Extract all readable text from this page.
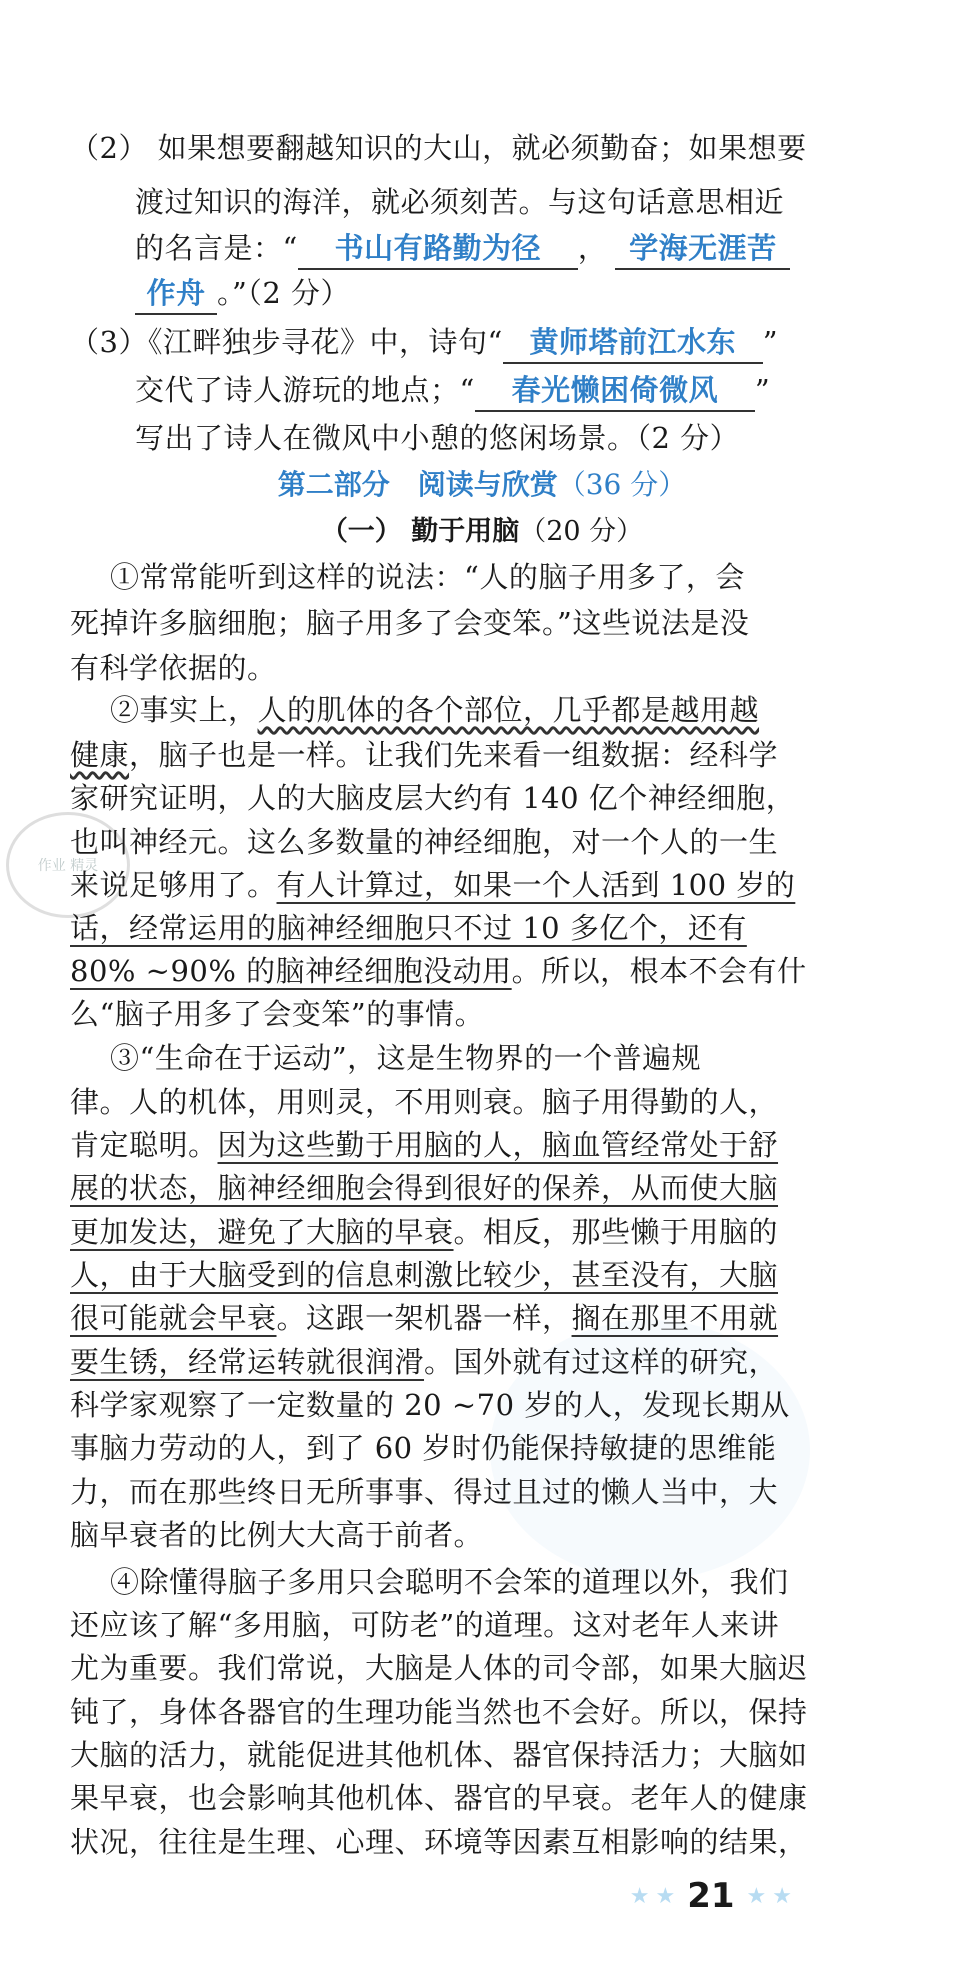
作业 精灵
（2） 如果想要翻越知识的大山，就必须勤奋；如果想要
渡过知识的海洋，就必须刻苦。与这句话意思相近
的名言是：“ 书山有路勤为径 ， 学海无涯苦
作舟 。”（2 分）
（3）《江畔独步寻花》中，诗句“ 黄师塔前江水东 ”
交代了诗人游玩的地点；“ 春光懒困倚微风 ”
写出了诗人在微风中小憩的悠闲场景。（2 分）
第二部分　阅读与欣赏（36 分）
（一） 勤于用脑（20 分）
①常常能听到这样的说法：“人的脑子用多了，会
死掉许多脑细胞；脑子用多了会变笨。”这些说法是没
有科学依据的。
②事实上，人的肌体的各个部位，几乎都是越用越
健康，脑子也是一样。让我们先来看一组数据：经科学
家研究证明，人的大脑皮层大约有 140 亿个神经细胞，
也叫神经元。这么多数量的神经细胞，对一个人的一生
来说足够用了。有人计算过，如果一个人活到 100 岁的
话，经常运用的脑神经细胞只不过 10 多亿个，还有
80% ~90% 的脑神经细胞没动用。所以，根本不会有什
么“脑子用多了会变笨”的事情。
③“生命在于运动”，这是生物界的一个普遍规
律。人的机体，用则灵，不用则衰。脑子用得勤的人，
肯定聪明。因为这些勤于用脑的人，脑血管经常处于舒
展的状态，脑神经细胞会得到很好的保养，从而使大脑
更加发达，避免了大脑的早衰。相反，那些懒于用脑的
人，由于大脑受到的信息刺激比较少，甚至没有，大脑
很可能就会早衰。这跟一架机器一样，搁在那里不用就
要生锈，经常运转就很润滑。国外就有过这样的研究，
科学家观察了一定数量的 20 ~70 岁的人，发现长期从
事脑力劳动的人，到了 60 岁时仍能保持敏捷的思维能
力，而在那些终日无所事事、得过且过的懒人当中，大
脑早衰者的比例大大高于前者。
④除懂得脑子多用只会聪明不会笨的道理以外，我们
还应该了解“多用脑，可防老”的道理。这对老年人来讲
尤为重要。我们常说，大脑是人体的司令部，如果大脑迟
钝了，身体各器官的生理功能当然也不会好。所以，保持
大脑的活力，就能促进其他机体、器官保持活力；大脑如
果早衰，也会影响其他机体、器官的早衰。老年人的健康
状况，往往是生理、心理、环境等因素互相影响的结果，
★ ★ 21 ★ ★
